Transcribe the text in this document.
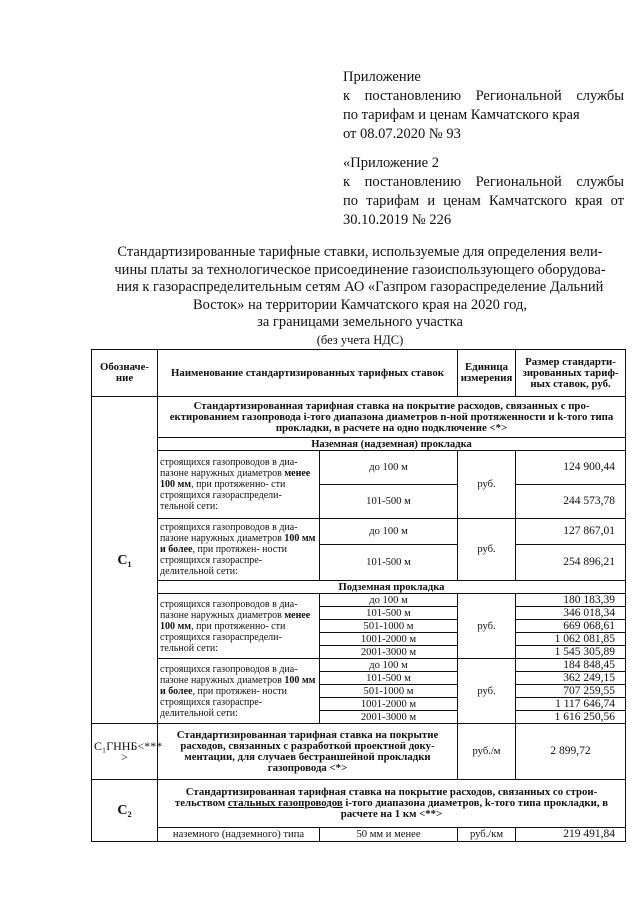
Приложение
к постановлению Региональной службы
по тарифам и ценам Камчатского края
от 08.07.2020 № 93
«Приложение 2
к постановлению Региональной службы
по тарифам и ценам Камчатского края от
30.10.2019 № 226
Стандартизированные тарифные ставки, используемые для определения вели-
чины платы за технологическое присоединение газоиспользующего оборудова-
ния к газораспределительным сетям АО «Газпром газораспределение Дальний
Восток» на территории Камчатского края на 2020 год,
за границами земельного участка
(без учета НДС)
Обозначе- ние	Наименование стандартизированных тарифных ставок		Единица измерения	Размер стандарти- зированных тариф- ных ставок, руб.
С₁	Стандартизированная тарифная ставка на покрытие расходов, связанных с про- ектированием газопровода i-того диапазона диаметров n-ной протяженности и k-того типа прокладки, в расчете на одно подключение <*>			
	Наземная (надземная) прокладка			
	строящихся газопроводов в диа- пазоне наружных диаметров менее 100 мм, при протяженно- сти строящихся газораспредели- тельной сети:	до 100 м	руб.	124 900,44
		101-500 м		244 573,78
	строящихся газопроводов в диа- пазоне наружных диаметров 100 мм и более, при протяжен- ности строящихся газораспре- делительной сети:	до 100 м	руб.	127 867,01
		101-500 м		254 896,21
	Подземная прокладка			
	строящихся газопроводов в диа- пазоне наружных диаметров менее 100 мм, при протяженно- сти строящихся газораспредели- тельной сети:	до 100 м	руб.	180 183,39
		101-500 м		346 018,34
		501-1000 м		669 068,61
		1001-2000 м		1 062 081,85
		2001-3000 м		1 545 305,89
	строящихся газопроводов в диа- пазоне наружных диаметров 100 мм и более, при протяжен- ности строящихся газораспре- делительной сети:	до 100 м	руб.	184 848,45
		101-500 м		362 249,15
		501-1000 м		707 259,55
		1001-2000 м		1 117 646,74
		2001-3000 м		1 616 250,56
С₁ГННБ<*** >	Стандартизированная тарифная ставка на покрытие расходов, связанных с разработкой проектной доку- ментации, для случаев бестраншейной прокладки газопровода <*>		руб./м	2 899,72
С₂	Стандартизированная тарифная ставка на покрытие расходов, связанных со строи- тельством стальных газопроводов i-того диапазона диаметров, k-того типа прокладки, в расчете на 1 км <**>			
	наземного (надземного) типа	50 мм и менее	руб./км	219 491,84
